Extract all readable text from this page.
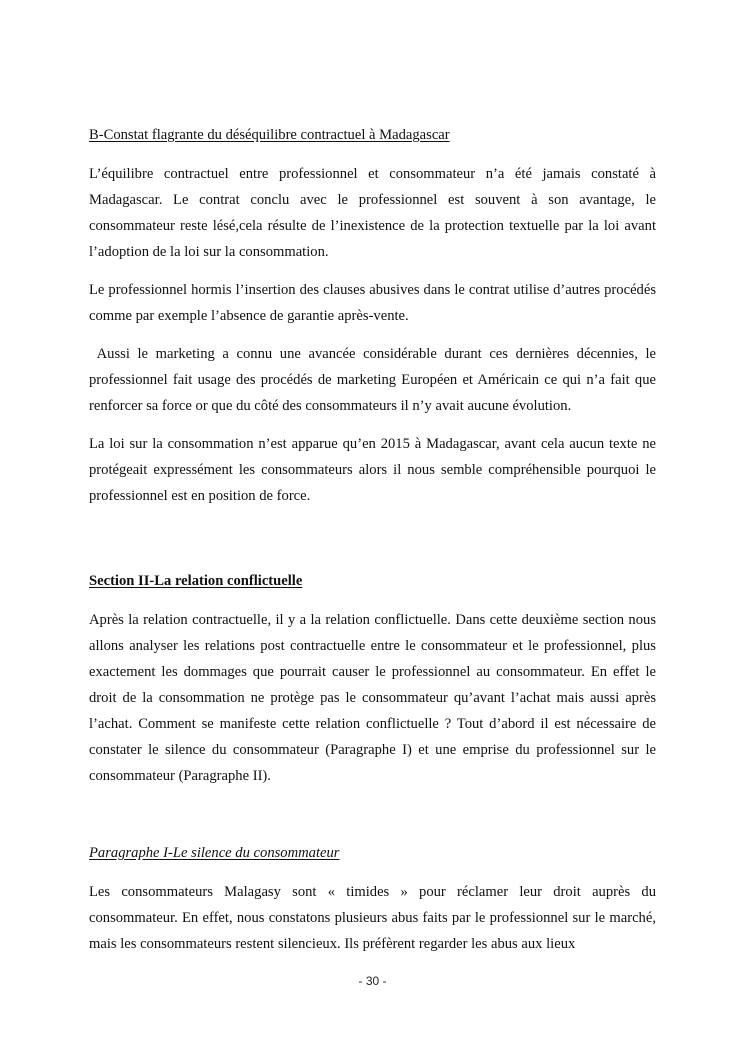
B-Constat flagrante du déséquilibre contractuel à Madagascar

L’équilibre contractuel entre professionnel et consommateur n’a été jamais constaté à Madagascar. Le contrat conclu avec le professionnel est souvent à son avantage, le consommateur reste lésé,cela résulte de l’inexistence de la protection textuelle par la loi avant l’adoption de la loi sur la consommation.

Le professionnel hormis l’insertion des clauses abusives dans le contrat utilise d’autres procédés comme par exemple l’absence de garantie après-vente.

Aussi le marketing a connu une avancée considérable durant ces dernières décennies, le professionnel fait usage des procédés de marketing Européen et Américain ce qui n’a fait que renforcer sa force or que du côté des consommateurs il n’y avait aucune évolution.

La loi sur la consommation n’est apparue qu’en 2015 à Madagascar, avant cela aucun texte ne protégeait expressément les consommateurs alors il nous semble compréhensible pourquoi le professionnel est en position de force.

Section II-La relation conflictuelle

Après la relation contractuelle, il y a la relation conflictuelle. Dans cette deuxième section nous allons analyser les relations post contractuelle entre le consommateur et le professionnel, plus exactement les dommages que pourrait causer le professionnel au consommateur. En effet le droit de la consommation ne protège pas le consommateur qu’avant l’achat mais aussi après l’achat. Comment se manifeste cette relation conflictuelle ? Tout d’abord il est nécessaire de constater le silence du consommateur (Paragraphe I) et une emprise du professionnel sur le consommateur (Paragraphe II).

Paragraphe I-Le silence du consommateur

Les consommateurs Malagasy sont « timides » pour réclamer leur droit auprès du consommateur. En effet, nous constatons plusieurs abus faits par le professionnel sur le marché, mais les consommateurs restent silencieux. Ils préfèrent regarder les abus aux lieux

- 30 -
